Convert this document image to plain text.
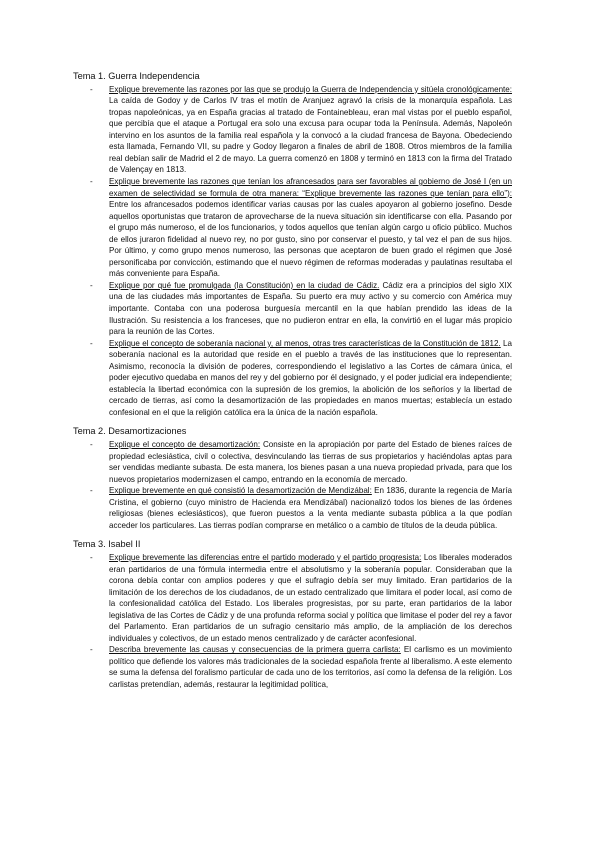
Tema 1. Guerra Independencia
- Explique brevemente las razones por las que se produjo la Guerra de Independencia y sitúela cronológicamente: La caída de Godoy y de Carlos IV tras el motín de Aranjuez agravó la crisis de la monarquía española. Las tropas napoleónicas, ya en España gracias al tratado de Fontainebleau, eran mal vistas por el pueblo español, que percibía que el ataque a Portugal era solo una excusa para ocupar toda la Península. Además, Napoleón intervino en los asuntos de la familia real española y la convocó a la ciudad francesa de Bayona. Obedeciendo esta llamada, Fernando VII, su padre y Godoy llegaron a finales de abril de 1808. Otros miembros de la familia real debían salir de Madrid el 2 de mayo. La guerra comenzó en 1808 y terminó en 1813 con la firma del Tratado de Valençay en 1813.
- Explique brevemente las razones que tenían los afrancesados para ser favorables al gobierno de José I (en un examen de selectividad se formula de otra manera: “Explique brevemente las razones que tenían para ello”): Entre los afrancesados podemos identificar varias causas por las cuales apoyaron al gobierno josefino. Desde aquellos oportunistas que trataron de aprovecharse de la nueva situación sin identificarse con ella. Pasando por el grupo más numeroso, el de los funcionarios, y todos aquellos que tenían algún cargo u oficio público. Muchos de ellos juraron fidelidad al nuevo rey, no por gusto, sino por conservar el puesto, y tal vez el pan de sus hijos. Por último, y como grupo menos numeroso, las personas que aceptaron de buen grado el régimen que José personificaba por convicción, estimando que el nuevo régimen de reformas moderadas y paulatinas resultaba el más conveniente para España.
- Explique por qué fue promulgada (la Constitución) en la ciudad de Cádiz. Cádiz era a principios del siglo XIX una de las ciudades más importantes de España. Su puerto era muy activo y su comercio con América muy importante. Contaba con una poderosa burguesía mercantil en la que habían prendido las ideas de la Ilustración. Su resistencia a los franceses, que no pudieron entrar en ella, la convirtió en el lugar más propicio para la reunión de las Cortes.
- Explique el concepto de soberanía nacional y, al menos, otras tres características de la Constitución de 1812. La soberanía nacional es la autoridad que reside en el pueblo a través de las instituciones que lo representan. Asimismo, reconocía la división de poderes, correspondiendo el legislativo a las Cortes de cámara única, el poder ejecutivo quedaba en manos del rey y del gobierno por él designado, y el poder judicial era independiente; establecía la libertad económica con la supresión de los gremios, la abolición de los señoríos y la libertad de cercado de tierras, así como la desamortización de las propiedades en manos muertas; establecía un estado confesional en el que la religión católica era la única de la nación española.
Tema 2. Desamortizaciones
- Explique el concepto de desamortización: Consiste en la apropiación por parte del Estado de bienes raíces de propiedad eclesiástica, civil o colectiva, desvinculando las tierras de sus propietarios y haciéndolas aptas para ser vendidas mediante subasta. De esta manera, los bienes pasan a una nueva propiedad privada, para que los nuevos propietarios modernizasen el campo, entrando en la economía de mercado.
- Explique brevemente en qué consistió la desamortización de Mendizábal: En 1836, durante la regencia de María Cristina, el gobierno (cuyo ministro de Hacienda era Mendizábal) nacionalizó todos los bienes de las órdenes religiosas (bienes eclesiásticos), que fueron puestos a la venta mediante subasta pública a la que podían acceder los particulares. Las tierras podían comprarse en metálico o a cambio de títulos de la deuda pública.
Tema 3. Isabel II
- Explique brevemente las diferencias entre el partido moderado y el partido progresista: Los liberales moderados eran partidarios de una fórmula intermedia entre el absolutismo y la soberanía popular. Consideraban que la corona debía contar con amplios poderes y que el sufragio debía ser muy limitado. Eran partidarios de la limitación de los derechos de los ciudadanos, de un estado centralizado que limitara el poder local, así como de la confesionalidad católica del Estado. Los liberales progresistas, por su parte, eran partidarios de la labor legislativa de las Cortes de Cádiz y de una profunda reforma social y política que limitase el poder del rey a favor del Parlamento. Eran partidarios de un sufragio censitario más amplio, de la ampliación de los derechos individuales y colectivos, de un estado menos centralizado y de carácter aconfesional.
- Describa brevemente las causas y consecuencias de la primera guerra carlista: El carlismo es un movimiento político que defiende los valores más tradicionales de la sociedad española frente al liberalismo. A este elemento se suma la defensa del foralismo particular de cada uno de los territorios, así como la defensa de la religión. Los carlistas pretendían, además, restaurar la legitimidad política,
